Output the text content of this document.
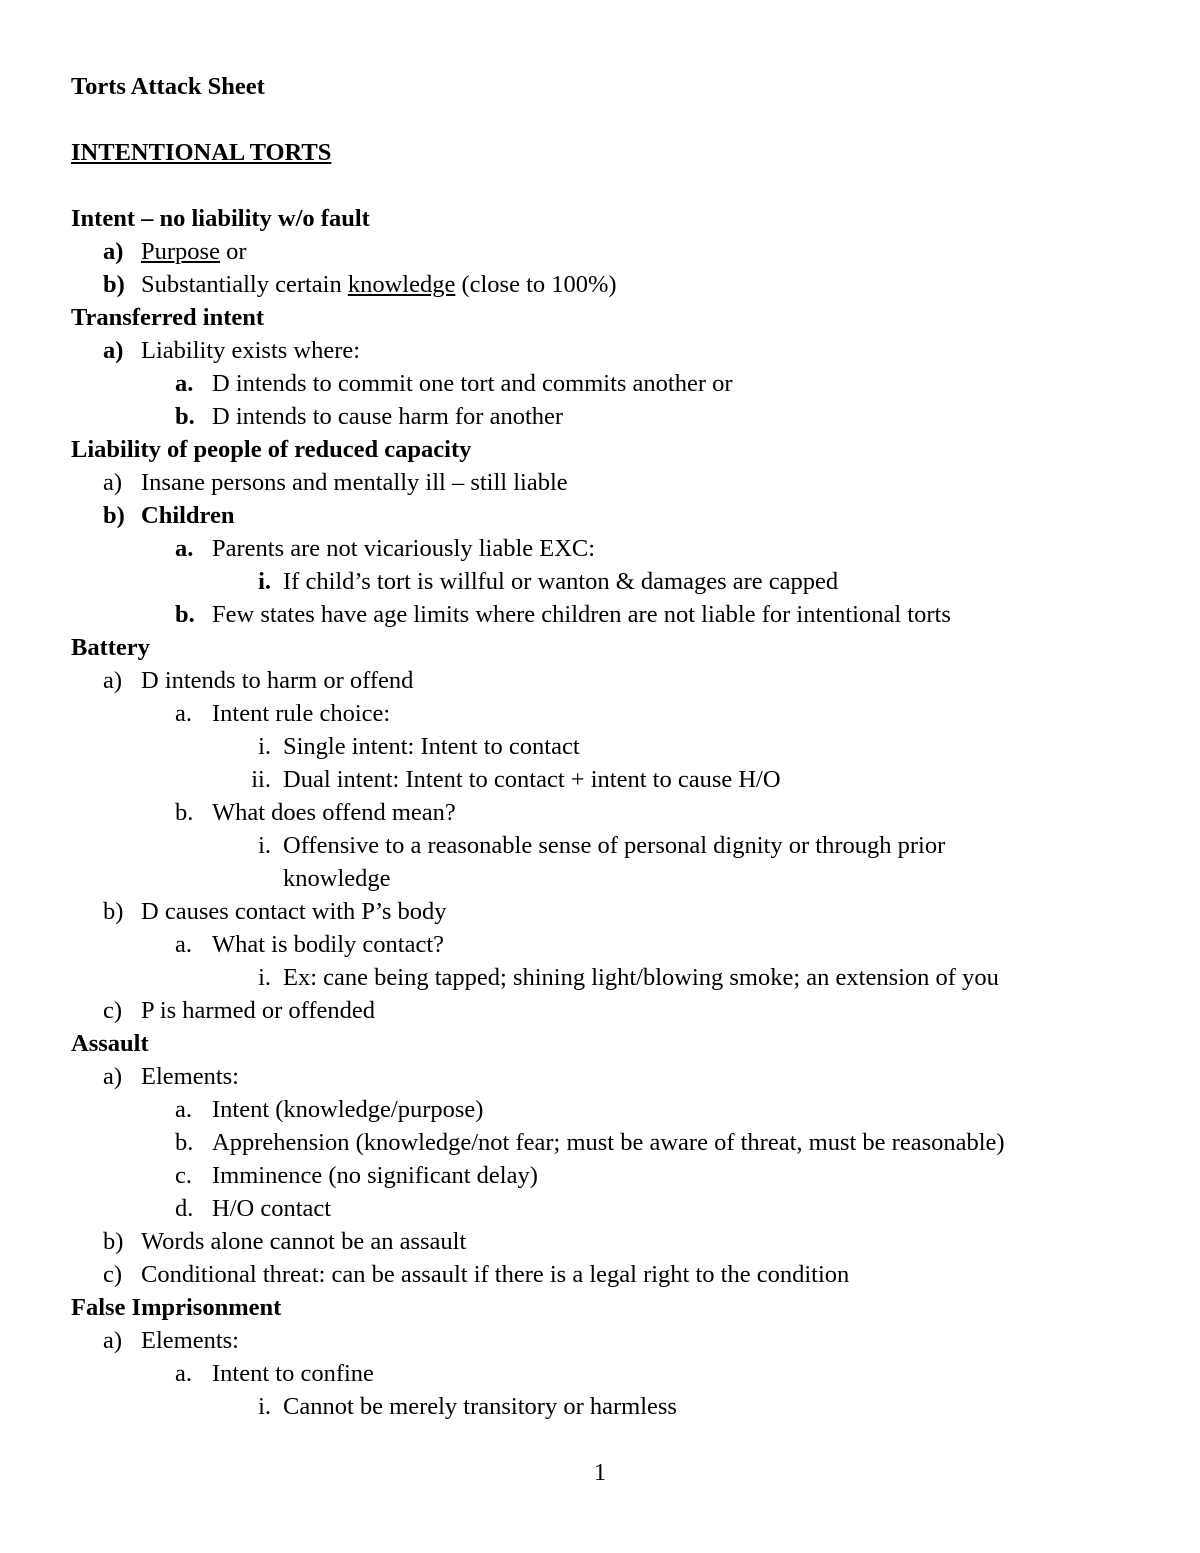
Torts Attack Sheet
INTENTIONAL TORTS
Intent – no liability w/o fault
a) Purpose or
b) Substantially certain knowledge (close to 100%)
Transferred intent
a) Liability exists where:
a. D intends to commit one tort and commits another or
b. D intends to cause harm for another
Liability of people of reduced capacity
a) Insane persons and mentally ill – still liable
b) Children
a. Parents are not vicariously liable EXC:
i. If child’s tort is willful or wanton & damages are capped
b. Few states have age limits where children are not liable for intentional torts
Battery
a) D intends to harm or offend
a. Intent rule choice:
i. Single intent: Intent to contact
ii. Dual intent: Intent to contact + intent to cause H/O
b. What does offend mean?
i. Offensive to a reasonable sense of personal dignity or through prior
knowledge
b) D causes contact with P’s body
a. What is bodily contact?
i. Ex: cane being tapped; shining light/blowing smoke; an extension of you
c) P is harmed or offended
Assault
a) Elements:
a. Intent (knowledge/purpose)
b. Apprehension (knowledge/not fear; must be aware of threat, must be reasonable)
c. Imminence (no significant delay)
d. H/O contact
b) Words alone cannot be an assault
c) Conditional threat: can be assault if there is a legal right to the condition
False Imprisonment
a) Elements:
a. Intent to confine
i. Cannot be merely transitory or harmless
1
